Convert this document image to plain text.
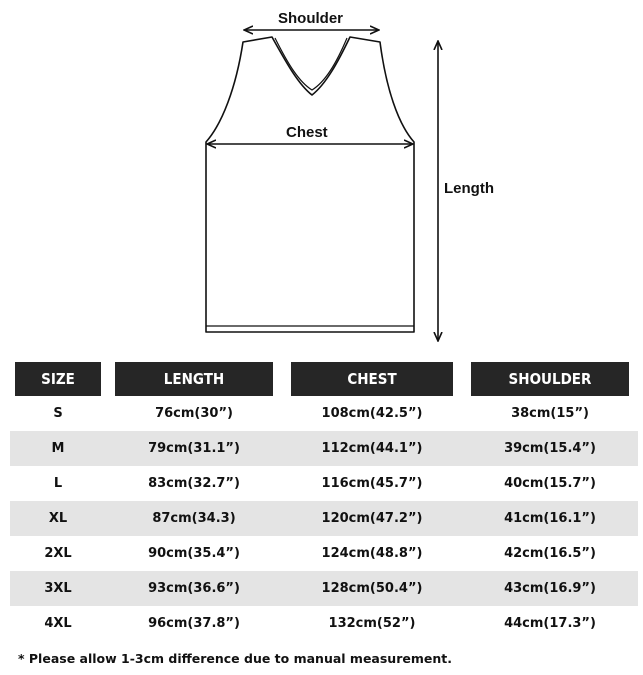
Shoulder
Chest
Length
SIZE	LENGTH	CHEST	SHOULDER
S	76cm(30”)	108cm(42.5”)	38cm(15”)
M	79cm(31.1”)	112cm(44.1”)	39cm(15.4”)
L	83cm(32.7”)	116cm(45.7”)	40cm(15.7”)
XL	87cm(34.3)	120cm(47.2”)	41cm(16.1”)
2XL	90cm(35.4”)	124cm(48.8”)	42cm(16.5”)
3XL	93cm(36.6”)	128cm(50.4”)	43cm(16.9”)
4XL	96cm(37.8”)	132cm(52”)	44cm(17.3”)
* Please allow 1-3cm difference due to manual measurement.
